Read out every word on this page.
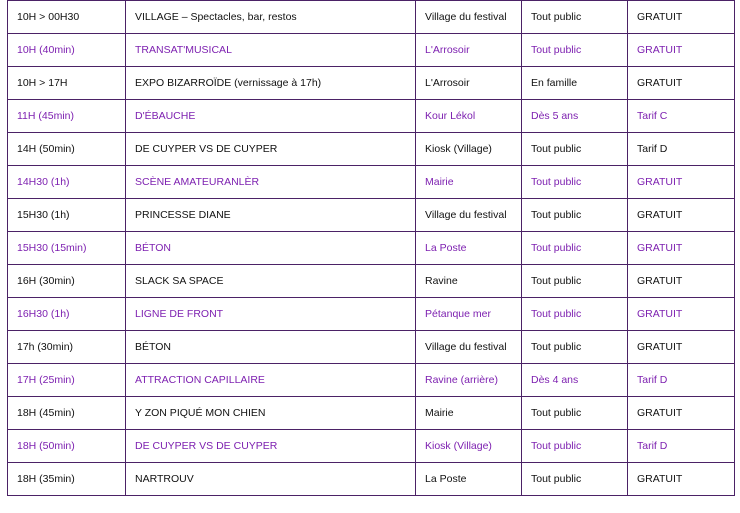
10H > 00H30	VILLAGE – Spectacles, bar, restos	Village du festival	Tout public	GRATUIT
10H (40min)	TRANSAT'MUSICAL	L'Arrosoir	Tout public	GRATUIT
10H > 17H	EXPO BIZARROÏDE (vernissage à 17h)	L'Arrosoir	En famille	GRATUIT
11H (45min)	D'ÉBAUCHE	Kour Lékol	Dès 5 ans	Tarif C
14H (50min)	DE CUYPER VS DE CUYPER	Kiosk (Village)	Tout public	Tarif D
14H30 (1h)	SCÈNE AMATEURANLÈR	Mairie	Tout public	GRATUIT
15H30 (1h)	PRINCESSE DIANE	Village du festival	Tout public	GRATUIT
15H30 (15min)	BÉTON	La Poste	Tout public	GRATUIT
16H (30min)	SLACK SA SPACE	Ravine	Tout public	GRATUIT
16H30 (1h)	LIGNE DE FRONT	Pétanque mer	Tout public	GRATUIT
17h (30min)	BÉTON	Village du festival	Tout public	GRATUIT
17H (25min)	ATTRACTION CAPILLAIRE	Ravine (arrière)	Dès 4 ans	Tarif D
18H (45min)	Y ZON PIQUÉ MON CHIEN	Mairie	Tout public	GRATUIT
18H (50min)	DE CUYPER VS DE CUYPER	Kiosk (Village)	Tout public	Tarif D
18H (35min)	NARTROUV	La Poste	Tout public	GRATUIT
